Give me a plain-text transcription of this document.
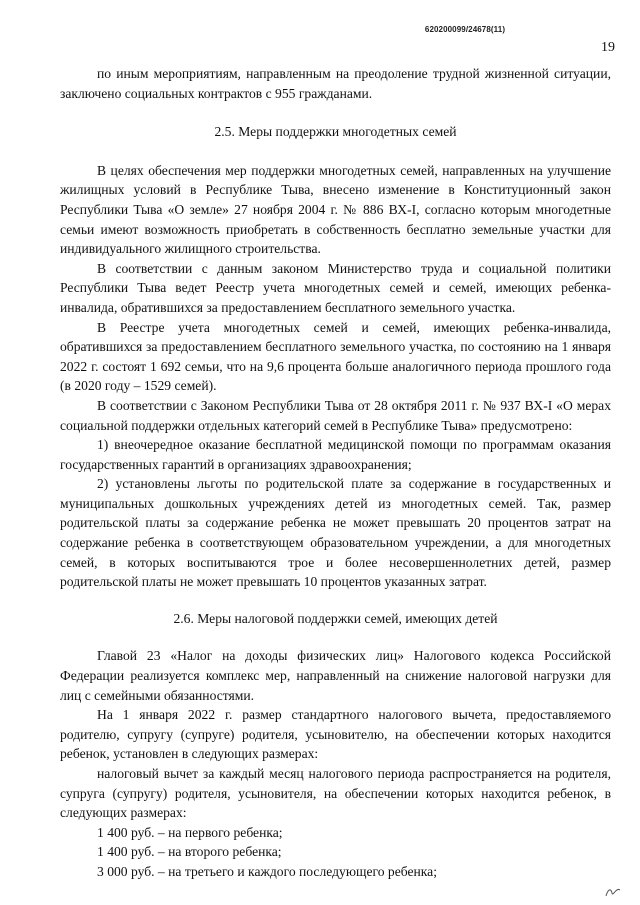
620200099/24678(11)
19

по иным мероприятиям, направленным на преодоление трудной жизненной ситуации, заключено социальных контрактов с 955 гражданами.

2.5. Меры поддержки многодетных семей

В целях обеспечения мер поддержки многодетных семей, направленных на улучшение жилищных условий в Республике Тыва, внесено изменение в Конституционный закон Республики Тыва «О земле» 27 ноября 2004 г. № 886 ВХ-I, согласно которым многодетные семьи имеют возможность приобретать в собственность бесплатно земельные участки для индивидуального жилищного строительства.

В соответствии с данным законом Министерство труда и социальной политики Республики Тыва ведет Реестр учета многодетных семей и семей, имеющих ребенка-инвалида, обратившихся за предоставлением бесплатного земельного участка.

В Реестре учета многодетных семей и семей, имеющих ребенка-инвалида, обратившихся за предоставлением бесплатного земельного участка, по состоянию на 1 января 2022 г. состоят 1 692 семьи, что на 9,6 процента больше аналогичного периода прошлого года (в 2020 году – 1529 семей).

В соответствии с Законом Республики Тыва от 28 октября 2011 г. № 937 ВХ-I «О мерах социальной поддержки отдельных категорий семей в Республике Тыва» предусмотрено:

1) внеочередное оказание бесплатной медицинской помощи по программам оказания государственных гарантий в организациях здравоохранения;

2) установлены льготы по родительской плате за содержание в государственных и муниципальных дошкольных учреждениях детей из многодетных семей. Так, размер родительской платы за содержание ребенка не может превышать 20 процентов затрат на содержание ребенка в соответствующем образовательном учреждении, а для многодетных семей, в которых воспитываются трое и более несовершеннолетних детей, размер родительской платы не может превышать 10 процентов указанных затрат.

2.6. Меры налоговой поддержки семей, имеющих детей

Главой 23 «Налог на доходы физических лиц» Налогового кодекса Российской Федерации реализуется комплекс мер, направленный на снижение налоговой нагрузки для лиц с семейными обязанностями.

На 1 января 2022 г. размер стандартного налогового вычета, предоставляемого родителю, супругу (супруге) родителя, усыновителю, на обеспечении которых находится ребенок, установлен в следующих размерах:

налоговый вычет за каждый месяц налогового периода распространяется на родителя, супруга (супругу) родителя, усыновителя, на обеспечении которых находится ребенок, в следующих размерах:

1 400 руб. – на первого ребенка;

1 400 руб. – на второго ребенка;

3 000 руб. – на третьего и каждого последующего ребенка;
